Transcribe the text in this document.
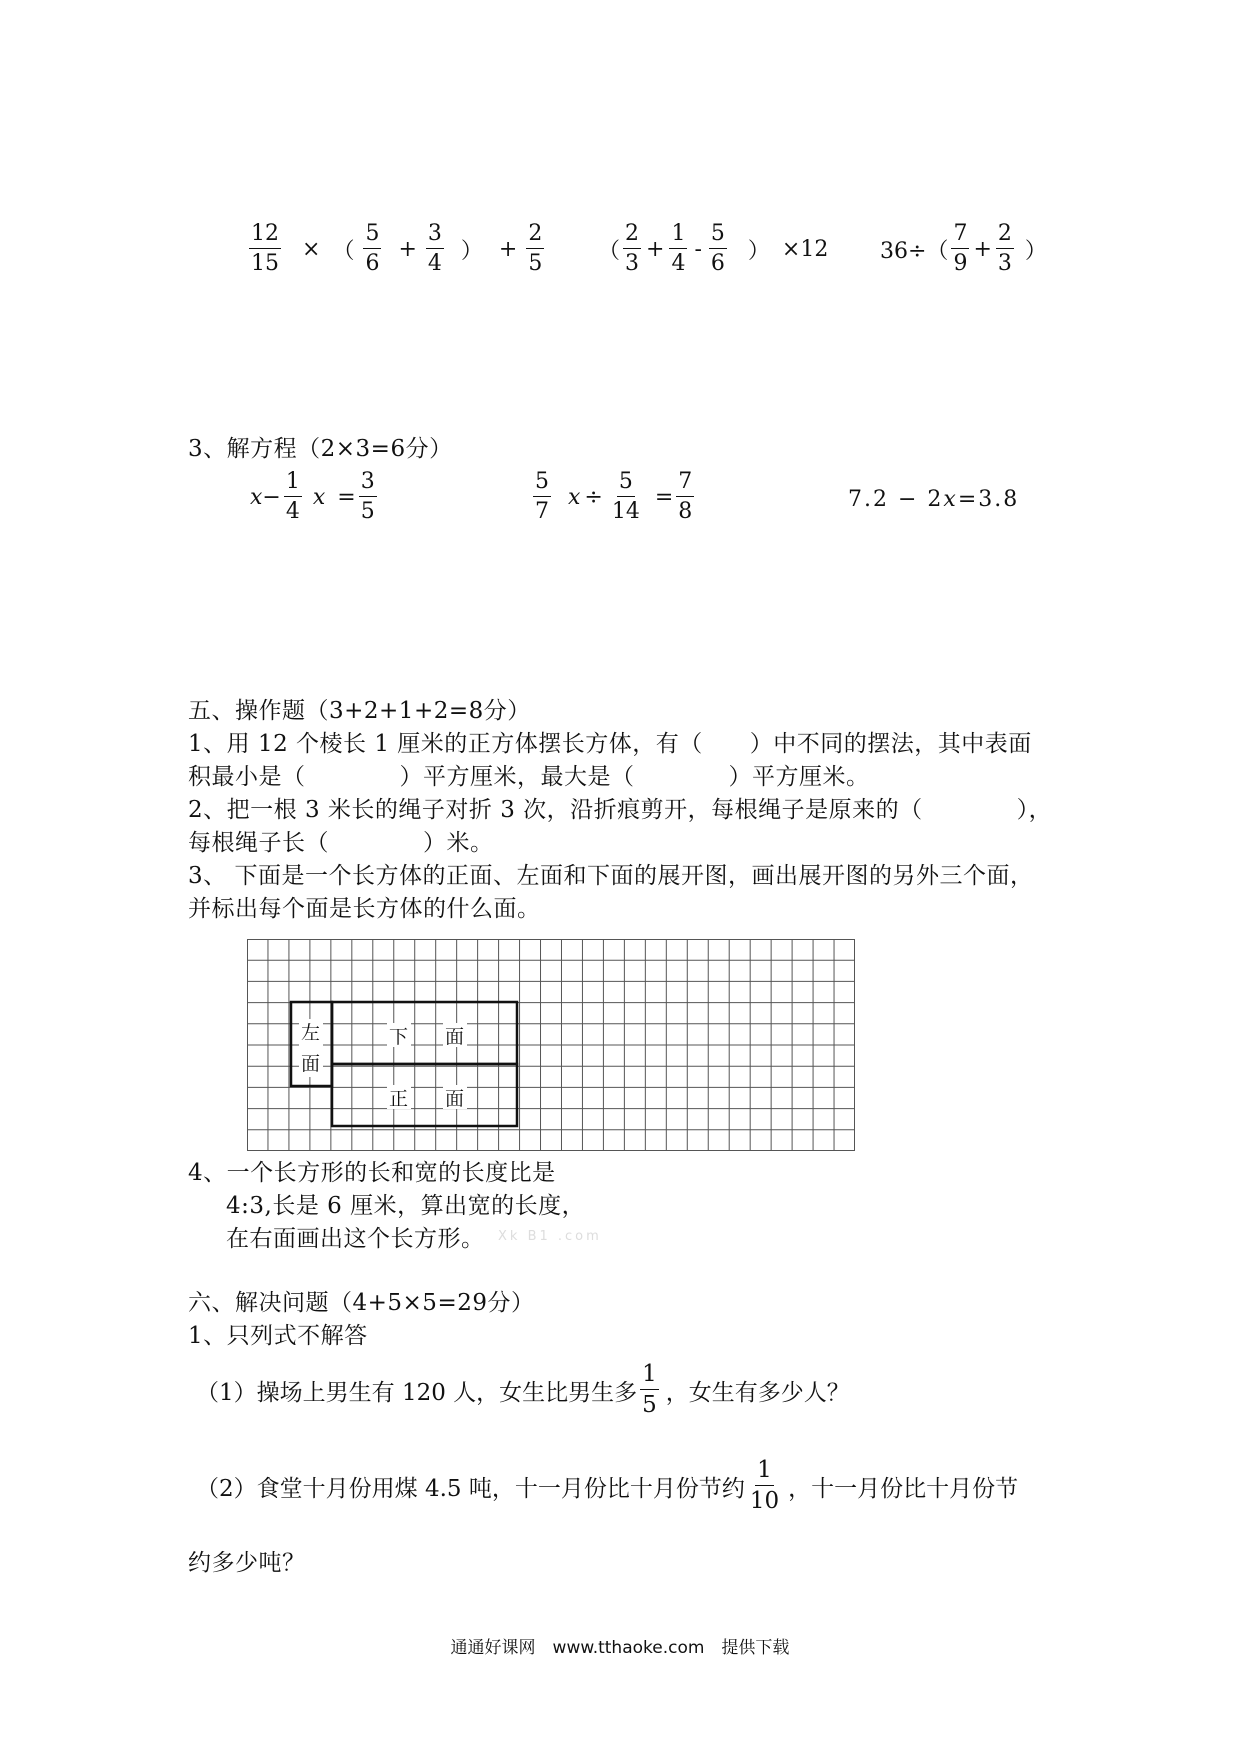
$\frac{12}{15}$ × （ $\frac{5}{6} + \frac{3}{4}$ ） + $\frac{2}{5}$ （ $\frac{2}{3} + \frac{1}{4} - \frac{5}{6}$ ） ×12 $36\div( \frac{7}{9} + \frac{2}{3}$ ）
3、解方程（2×3=6分）
$x - \frac{1}{4}$ $x = \frac{3}{5}$	$\frac{5}{7}$ $x \div \frac{5}{14} = \frac{7}{8}$	7.2 − 2 x =3.8
五、操作题（3+2+1+2=8分）
1、用 12 个棱长 1 厘米的正方体摆长方体，有（　　）中不同的摆法，其中表面
积最小是（　　　　）平方厘米，最大是（　　　　）平方厘米。
2、把一根 3 米长的绳子对折 3 次，沿折痕剪开，每根绳子是原来的（　　　　），
每根绳子长（　　　　）米。
3、 下面是一个长方体的正面、左面和下面的展开图，画出展开图的另外三个面，
并标出每个面是长方体的什么面。
左
面
下 面
正 面
4、一个长方形的长和宽的长度比是
4:3,长是 6 厘米，算出宽的长度，
在右面画出这个长方形。 Xk B1 .com
六、解决问题（4+5×5=29分）
1、只列式不解答
（1）操场上男生有 120 人，女生比男生多 $\frac{1}{5}$ ，女生有多少人？
（2）食堂十月份用煤 4.5 吨，十一月份比十月份节约 $\frac{1}{10}$ ，十一月份比十月份节
约多少吨？
通通好课网　www.tthaoke.com　提供下载
